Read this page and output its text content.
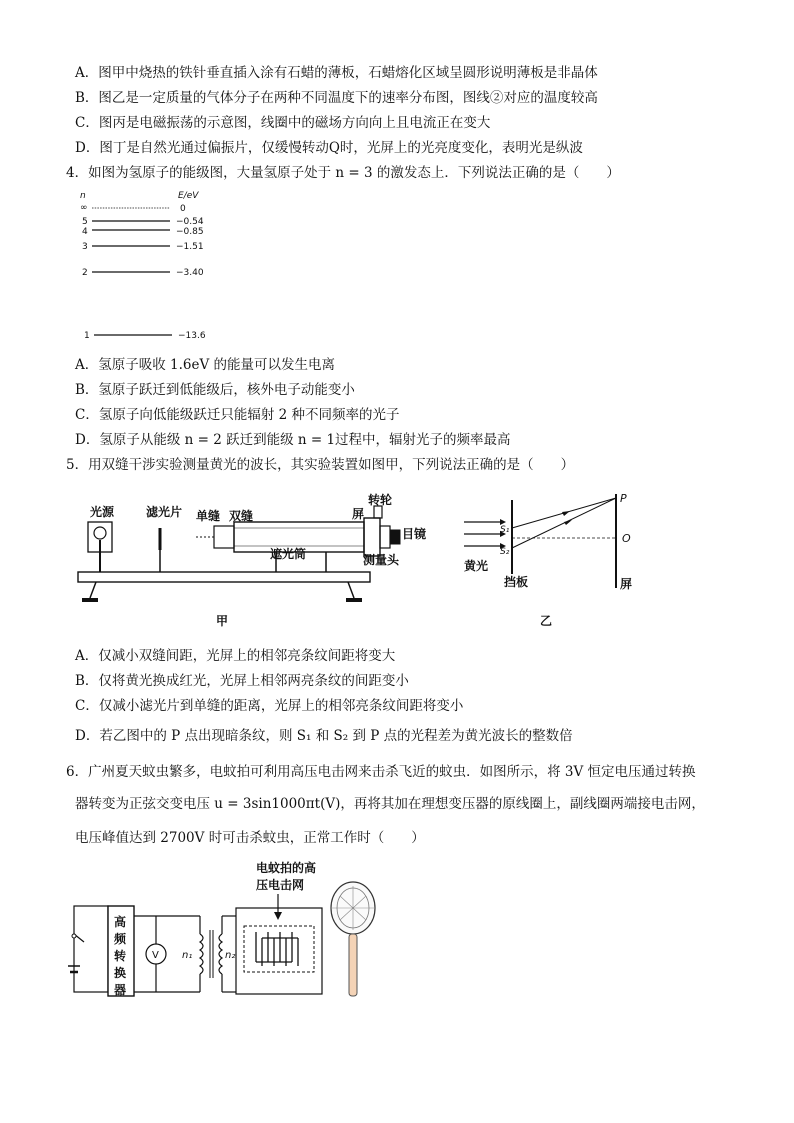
A．图甲中烧热的铁针垂直插入涂有石蜡的薄板，石蜡熔化区域呈圆形说明薄板是非晶体
B．图乙是一定质量的气体分子在两种不同温度下的速率分布图，图线②对应的温度较高
C．图丙是电磁振荡的示意图，线圈中的磁场方向向上且电流正在变大
D．图丁是自然光通过偏振片，仅缓慢转动Q时，光屏上的光亮度变化，表明光是纵波
4．如图为氢原子的能级图，大量氢原子处于 n = 3 的激发态上．下列说法正确的是（　　）
n	E/eV
∞	0
5	−0.54
4	−0.85
3	−1.51
2	−3.40
1	−13.6
A．氢原子吸收 1.6eV 的能量可以发生电离
B．氢原子跃迁到低能级后，核外电子动能变小
C．氢原子向低能级跃迁只能辐射 2 种不同频率的光子
D．氢原子从能级 n = 2 跃迁到能级 n = 1过程中，辐射光子的频率最高
5．用双缝干涉实验测量黄光的波长，其实验装置如图甲，下列说法正确的是（　　）
光源	滤光片 单缝 双缝	屏
转轮
目镜
遮光筒	测量头
甲
P
O
S₁
S₂
黄光
挡板	屏
乙
A．仅减小双缝间距，光屏上的相邻亮条纹间距将变大
B．仅将黄光换成红光，光屏上相邻两亮条纹的间距变小
C．仅减小滤光片到单缝的距离，光屏上的相邻亮条纹间距将变小
D．若乙图中的 P 点出现暗条纹，则 S₁ 和 S₂ 到 P 点的光程差为黄光波长的整数倍
6．广州夏天蚊虫繁多，电蚊拍可利用高压电击网来击杀飞近的蚊虫．如图所示，将 3V 恒定电压通过转换
器转变为正弦交变电压 u = 3sin1000πt(V)，再将其加在理想变压器的原线圈上，副线圈两端接电击网，
电压峰值达到 2700V 时可击杀蚊虫，正常工作时（　　）
电蚊拍的高
压电击网
高
频
转
换
器
V n₁	n₂
